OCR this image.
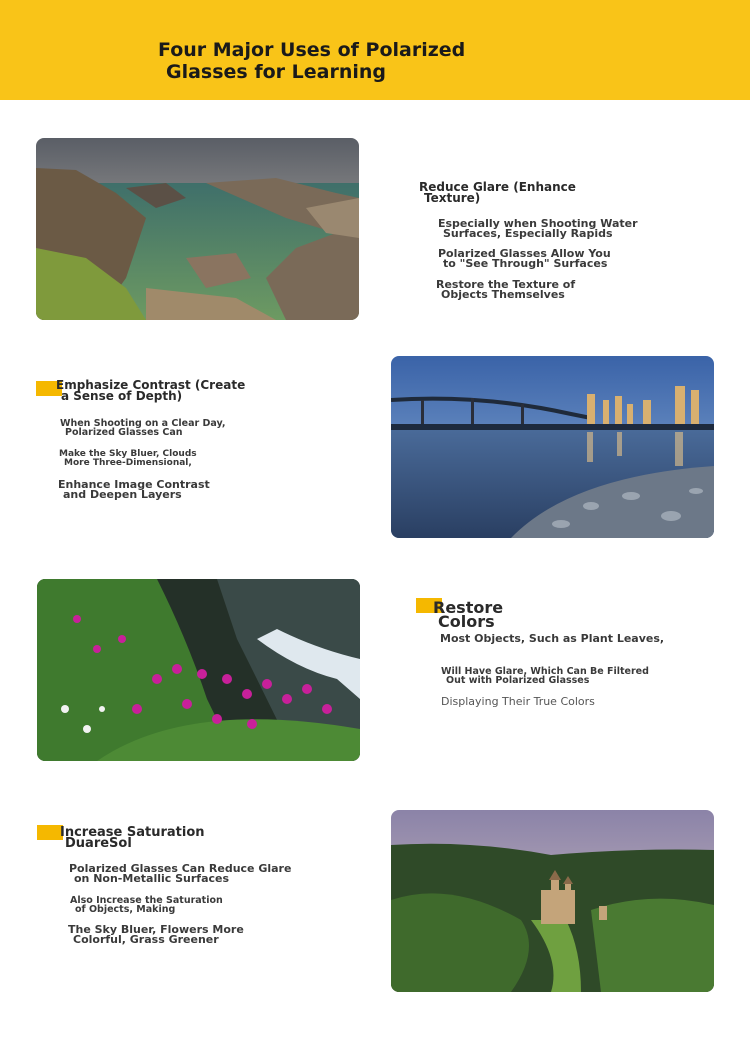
Four Major Uses of Polarized
Glasses for Learning
Reduce Glare (Enhance
Texture)
Especially when Shooting Water
Surfaces, Especially Rapids
Polarized Glasses Allow You
to "See Through" Surfaces
Restore the Texture of
Objects Themselves
Emphasize Contrast (Create
a Sense of Depth)
When Shooting on a Clear Day,
Polarized Glasses Can
Make the Sky Bluer, Clouds
More Three-Dimensional,
Enhance Image Contrast
and Deepen Layers
Restore
Colors
Most Objects, Such as Plant Leaves,
Will Have Glare, Which Can Be Filtered
Out with Polarized Glasses
Displaying Their True Colors
Increase Saturation
DuareSol
Polarized Glasses Can Reduce Glare
on Non-Metallic Surfaces
Also Increase the Saturation
of Objects, Making
The Sky Bluer, Flowers More
Colorful, Grass Greener
